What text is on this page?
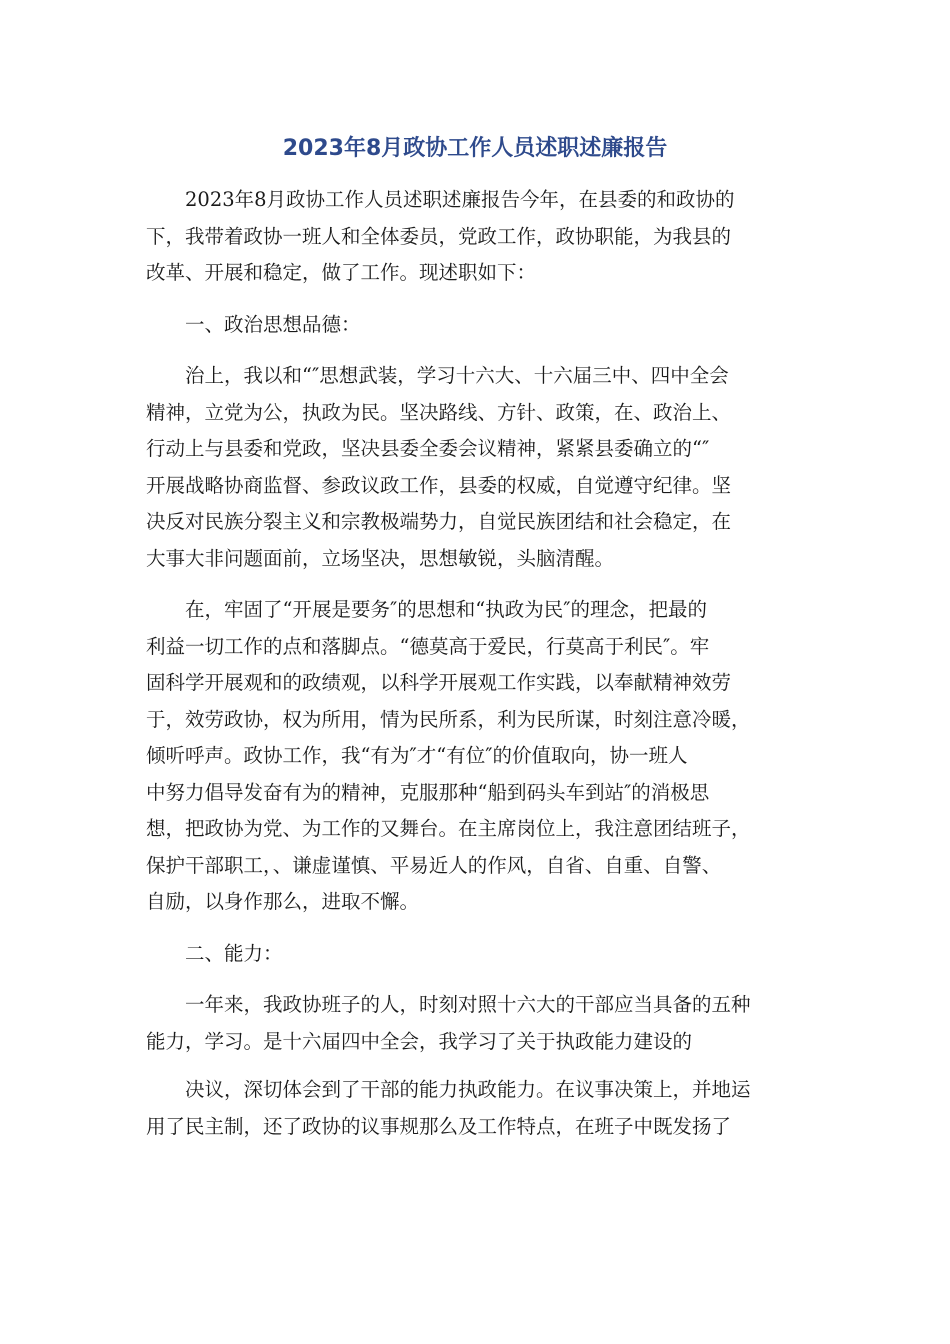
2023年8月政协工作人员述职述廉报告

2023年8月政协工作人员述职述廉报告今年，在县委的和政协的
下，我带着政协一班人和全体委员，党政工作，政协职能，为我县的
改革、开展和稳定，做了工作。现述职如下：

一、政治思想品德：

治上，我以和“″思想武装，学习十六大、十六届三中、四中全会
精神，立党为公，执政为民。坚决路线、方针、政策，在、政治上、
行动上与县委和党政，坚决县委全委会议精神，紧紧县委确立的“″
开展战略协商监督、参政议政工作，县委的权威，自觉遵守纪律。坚
决反对民族分裂主义和宗教极端势力，自觉民族团结和社会稳定，在
大事大非问题面前，立场坚决，思想敏锐，头脑清醒。

在，牢固了“开展是要务″的思想和“执政为民″的理念，把最的
利益一切工作的点和落脚点。“德莫高于爱民，行莫高于利民″。牢
固科学开展观和的政绩观，以科学开展观工作实践，以奉献精神效劳
于，效劳政协，权为所用，情为民所系，利为民所谋，时刻注意冷暖，
倾听呼声。政协工作，我“有为″才“有位″的价值取向，协一班人
中努力倡导发奋有为的精神，克服那种“船到码头车到站″的消极思
想，把政协为党、为工作的又舞台。在主席岗位上，我注意团结班子，
保护干部职工，、谦虚谨慎、平易近人的作风，自省、自重、自警、
自励，以身作那么，进取不懈。

二、能力：

一年来，我政协班子的人，时刻对照十六大的干部应当具备的五种
能力，学习。是十六届四中全会，我学习了关于执政能力建设的

决议，深切体会到了干部的能力执政能力。在议事决策上，并地运
用了民主制，还了政协的议事规那么及工作特点，在班子中既发扬了
